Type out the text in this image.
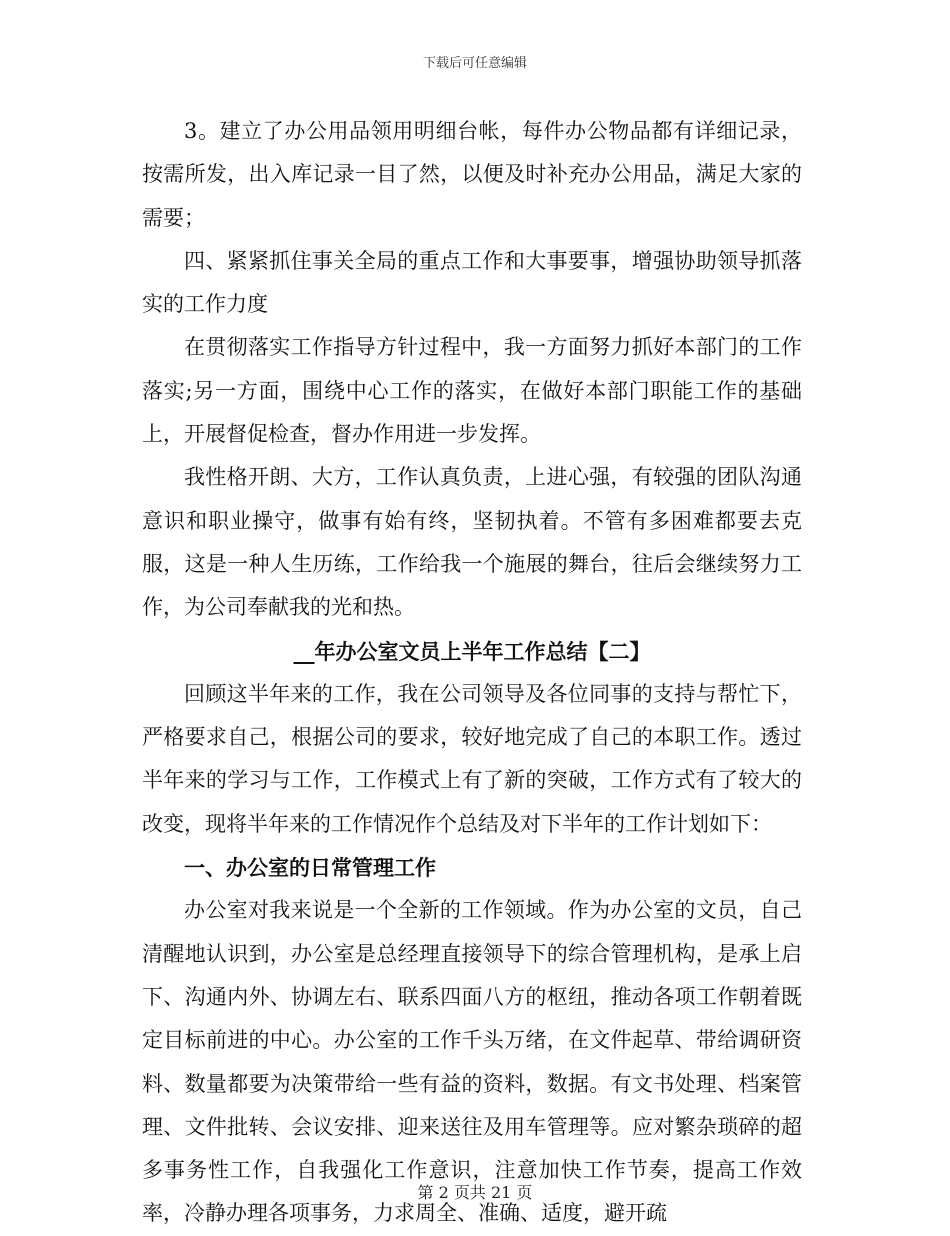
下载后可任意编辑

3。建立了办公用品领用明细台帐，每件办公物品都有详细记录，按需所发，出入库记录一目了然，以便及时补充办公用品，满足大家的需要；

四、紧紧抓住事关全局的重点工作和大事要事，增强协助领导抓落实的工作力度

在贯彻落实工作指导方针过程中，我一方面努力抓好本部门的工作落实;另一方面，围绕中心工作的落实，在做好本部门职能工作的基础上，开展督促检查，督办作用进一步发挥。

我性格开朗、大方，工作认真负责，上进心强，有较强的团队沟通意识和职业操守，做事有始有终，坚韧执着。不管有多困难都要去克服，这是一种人生历练，工作给我一个施展的舞台，往后会继续努力工作，为公司奉献我的光和热。

__年办公室文员上半年工作总结【二】

回顾这半年来的工作，我在公司领导及各位同事的支持与帮忙下，严格要求自己，根据公司的要求，较好地完成了自己的本职工作。透过半年来的学习与工作，工作模式上有了新的突破，工作方式有了较大的改变，现将半年来的工作情况作个总结及对下半年的工作计划如下：

一、办公室的日常管理工作

办公室对我来说是一个全新的工作领域。作为办公室的文员，自己清醒地认识到，办公室是总经理直接领导下的综合管理机构，是承上启下、沟通内外、协调左右、联系四面八方的枢纽，推动各项工作朝着既定目标前进的中心。办公室的工作千头万绪，在文件起草、带给调研资料、数量都要为决策带给一些有益的资料，数据。有文书处理、档案管理、文件批转、会议安排、迎来送往及用车管理等。应对繁杂琐碎的超多事务性工作，自我强化工作意识，注意加快工作节奏，提高工作效率，冷静办理各项事务，力求周全、准确、适度，避开疏

第 2 页共 21 页
